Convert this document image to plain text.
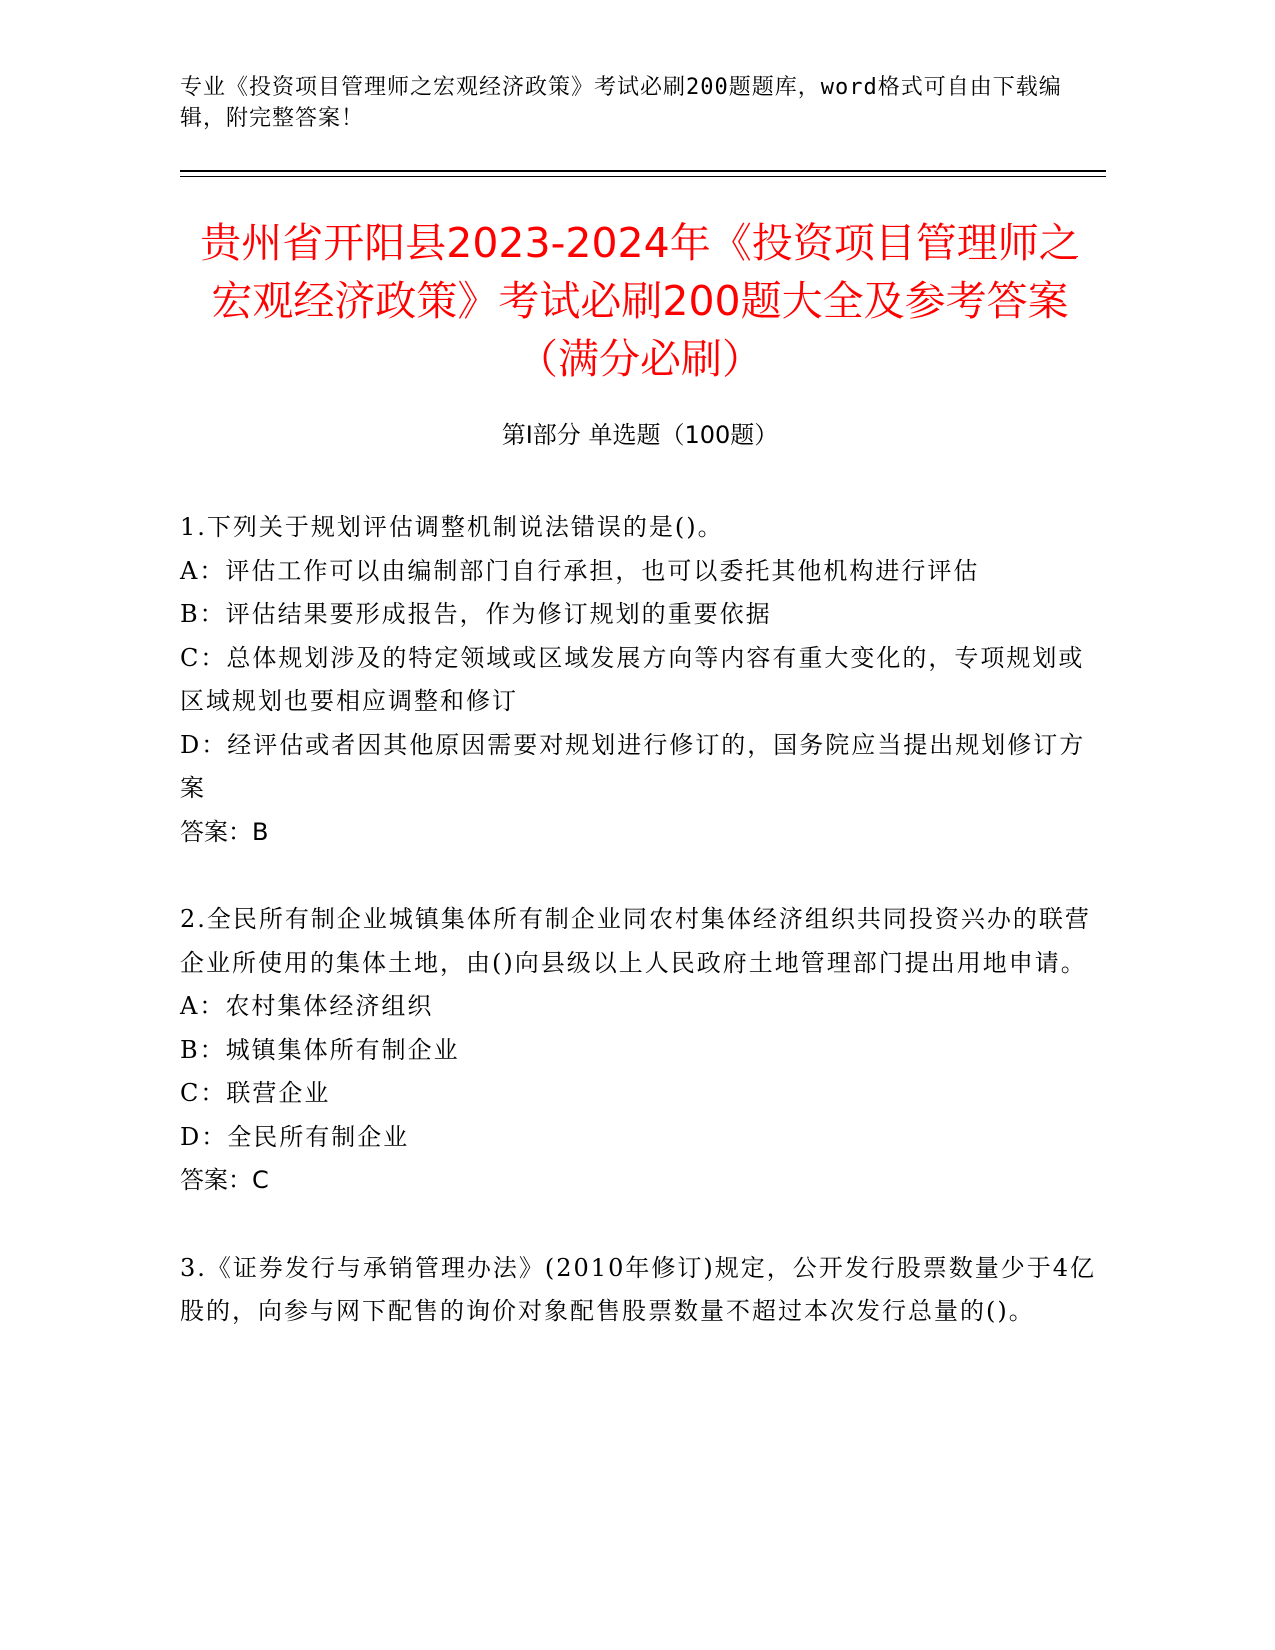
专业《投资项目管理师之宏观经济政策》考试必刷200题题库，word格式可自由下载编辑，附完整答案！
贵州省开阳县2023-2024年《投资项目管理师之宏观经济政策》考试必刷200题大全及参考答案（满分必刷）
第I部分 单选题（100题）
1.下列关于规划评估调整机制说法错误的是()。
A：评估工作可以由编制部门自行承担，也可以委托其他机构进行评估
B：评估结果要形成报告，作为修订规划的重要依据
C：总体规划涉及的特定领域或区域发展方向等内容有重大变化的，专项规划或区域规划也要相应调整和修订
D：经评估或者因其他原因需要对规划进行修订的，国务院应当提出规划修订方案
答案：B
2.全民所有制企业城镇集体所有制企业同农村集体经济组织共同投资兴办的联营企业所使用的集体土地，由()向县级以上人民政府土地管理部门提出用地申请。
A：农村集体经济组织
B：城镇集体所有制企业
C：联营企业
D：全民所有制企业
答案：C
3.《证券发行与承销管理办法》(2010年修订)规定，公开发行股票数量少于4亿股的，向参与网下配售的询价对象配售股票数量不超过本次发行总量的()。
